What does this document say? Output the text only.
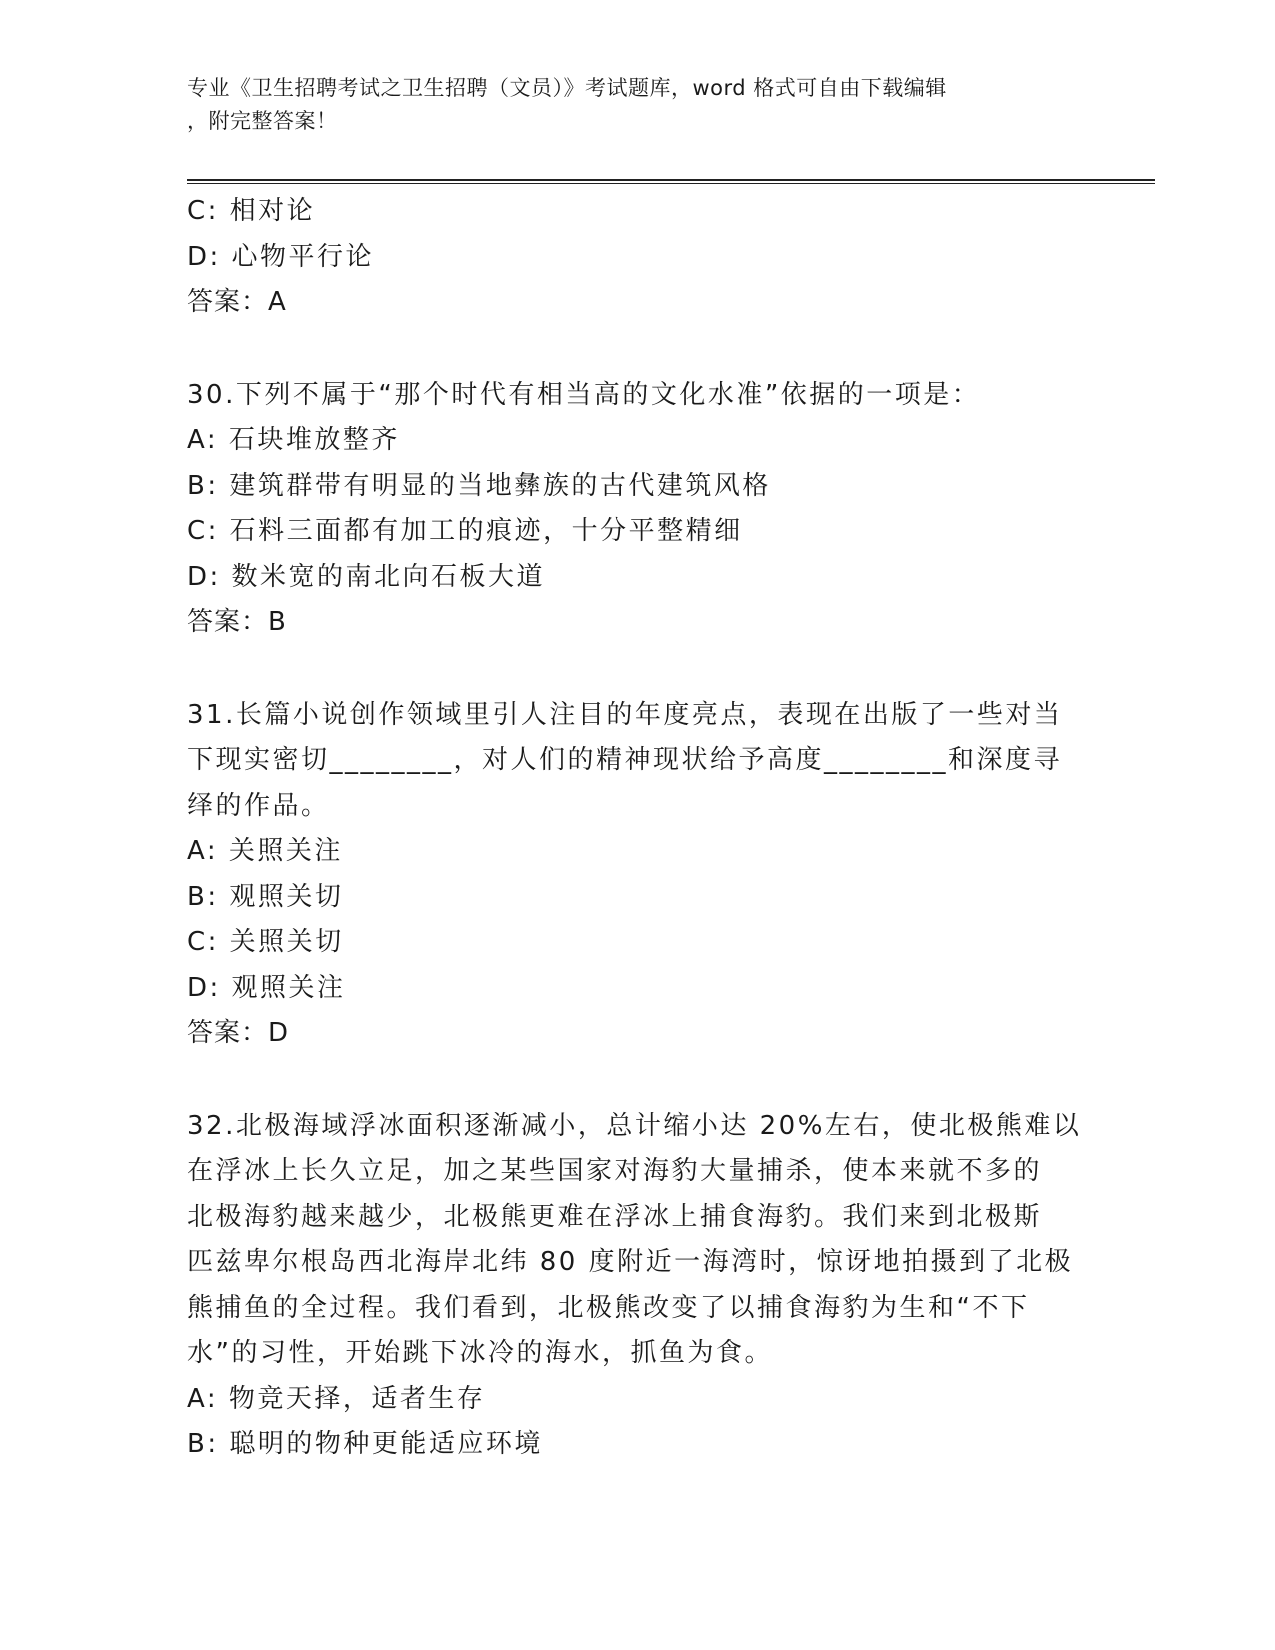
专业《卫生招聘考试之卫生招聘（文员）》考试题库，word 格式可自由下载编辑
，附完整答案！
C: 相对论
D: 心物平行论
答案：A
30.下列不属于“那个时代有相当高的文化水准”依据的一项是：
A: 石块堆放整齐
B: 建筑群带有明显的当地彝族的古代建筑风格
C: 石料三面都有加工的痕迹，十分平整精细
D: 数米宽的南北向石板大道
答案：B
31.长篇小说创作领域里引人注目的年度亮点，表现在出版了一些对当
下现实密切________，对人们的精神现状给予高度________和深度寻
绎的作品。
A: 关照关注
B: 观照关切
C: 关照关切
D: 观照关注
答案：D
32.北极海域浮冰面积逐渐减小，总计缩小达 20%左右，使北极熊难以
在浮冰上长久立足，加之某些国家对海豹大量捕杀，使本来就不多的
北极海豹越来越少，北极熊更难在浮冰上捕食海豹。我们来到北极斯
匹兹卑尔根岛西北海岸北纬 80 度附近一海湾时，惊讶地拍摄到了北极
熊捕鱼的全过程。我们看到，北极熊改变了以捕食海豹为生和“不下
水”的习性，开始跳下冰冷的海水，抓鱼为食。
A: 物竞天择，适者生存
B: 聪明的物种更能适应环境
